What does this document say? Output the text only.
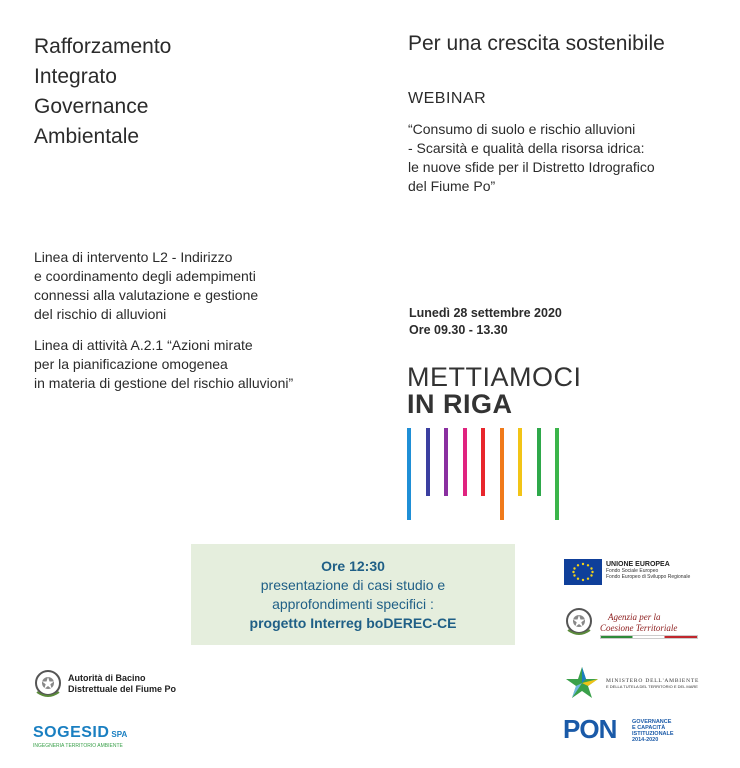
Rafforzamento
Integrato
Governance
Ambientale
Per una crescita sostenibile
WEBINAR
“Consumo di suolo e rischio alluvioni
- Scarsità e qualità della risorsa idrica:
le nuove sfide per il Distretto Idrografico
del Fiume Po”
Linea di intervento L2 - Indirizzo
e coordinamento degli adempimenti
connessi alla valutazione e gestione
del rischio di alluvioni
Linea di attività A.2.1 “Azioni mirate
per la pianificazione omogenea
in materia di gestione del rischio alluvioni”
Lunedì 28 settembre 2020
Ore 09.30 - 13.30
METTIAMOCI
IN RIGA
Ore 12:30
presentazione di casi studio e
approfondimenti specifici :
progetto Interreg boDEREC-CE
Autorità di Bacino
Distrettuale del Fiume Po
SOGESID SPA
INGEGNERIA TERRITORIO AMBIENTE
UNIONE EUROPEA
Fondo Sociale Europeo
Fondo Europeo di Sviluppo Regionale
Agenzia per la
Coesione Territoriale
MINISTERO DELL'AMBIENTE
E DELLA TUTELA DEL TERRITORIO E DEL MARE
PON	GOVERNANCE
E CAPACITÀ
ISTITUZIONALE
2014-2020
